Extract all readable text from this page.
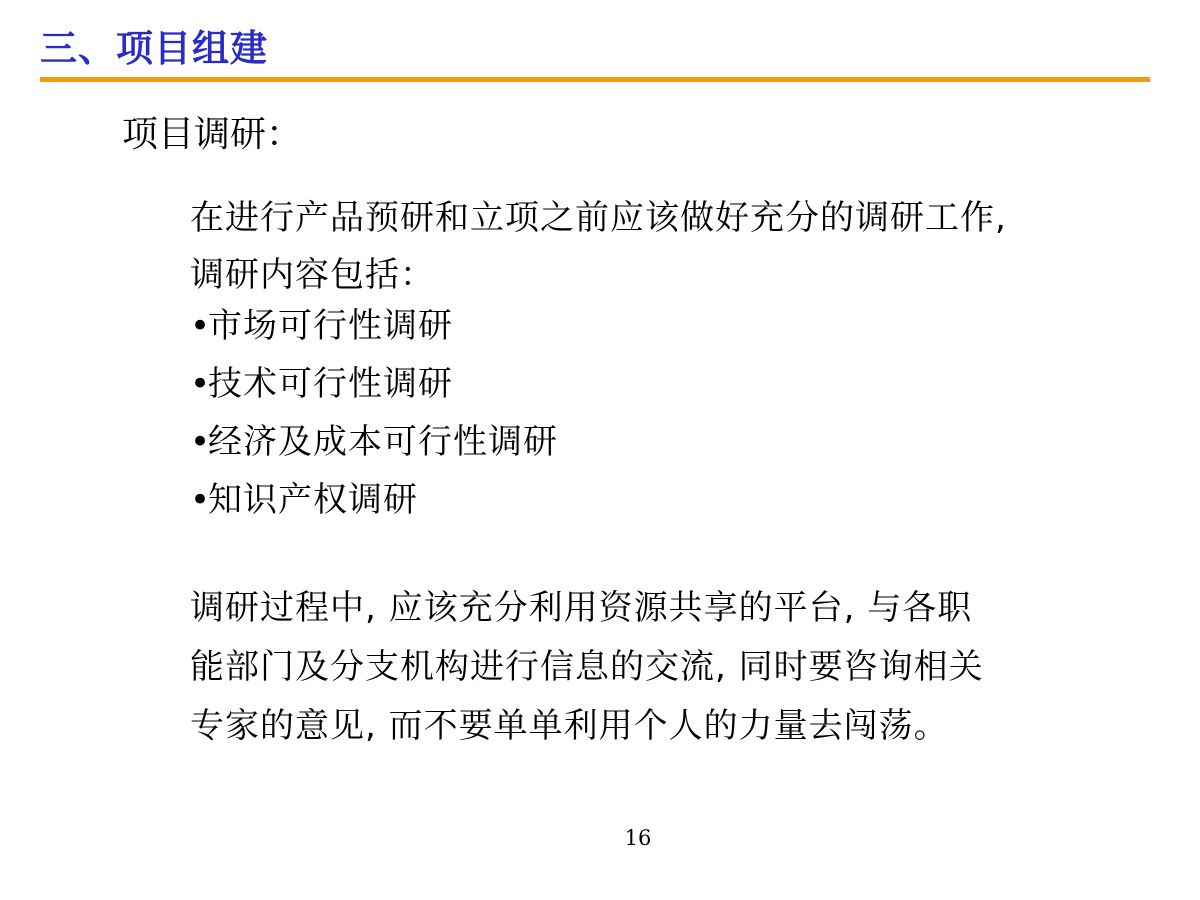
三、项目组建
项目调研：
在进行产品预研和立项之前应该做好充分的调研工作,
调研内容包括：
•市场可行性调研
•技术可行性调研
•经济及成本可行性调研
•知识产权调研
调研过程中, 应该充分利用资源共享的平台, 与各职
能部门及分支机构进行信息的交流, 同时要咨询相关
专家的意见, 而不要单单利用个人的力量去闯荡。
16
